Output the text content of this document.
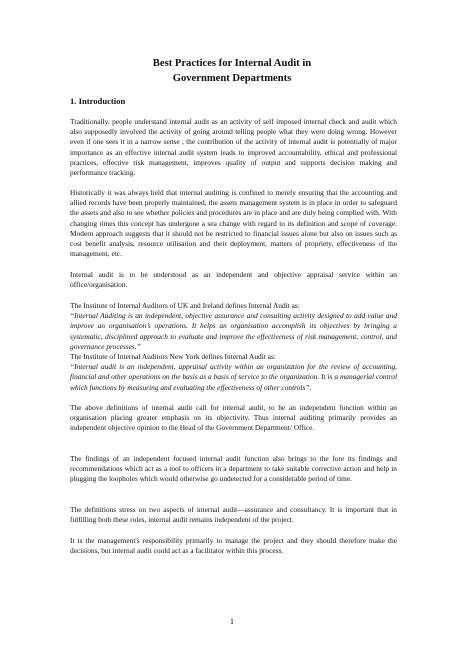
Best Practices for Internal Audit in
Government Departments
1. Introduction
Traditionally, people understand internal audit as an activity of self imposed internal check and audit which also supposedly involved the activity of going around telling people what they were doing wrong. However even if one sees it in a narrow sense , the contribution of the activity of internal audit is potentially of major importance as an effective internal audit system leads to improved accountability, ethical and professional practices, effective risk management, improves quality of output and supports decision making and performance tracking.
Historically it was always held that internal auditing is confined to merely ensuring that the accounting and allied records have been properly maintained, the assets management system is in place in order to safeguard the assets and also to see whether policies and procedures are in place and are duly being complied with. With changing times this concept has undergone a sea change with regard to its definition and scope of coverage. Modern approach suggests that it should not be restricted to financial issues alone but also on issues such as cost benefit analysis, resource utilisation and their deployment, matters of propriety, effectiveness of the management, etc.
Internal audit is to be understood as an independent and objective appraisal service within an office/organisation.
The Institute of Internal Auditors of UK and Ireland defines Internal Audit as:
“Internal Auditing is an independent, objective assurance and consulting activity designed to add value and improve an organisation’s operations. It helps an organisation accomplish its objectives by bringing a systematic, disciplined approach to evaluate and improve the effectiveness of risk management, control, and governance processes.”
The Institute of Internal Auditors New York defines Internal Audit as:
“Internal audit is an independent, appraisal activity within an organization for the review of accounting, financial and other operations on the basis as a basis of service to the organization. It is a managerial control which functions by measuring and evaluating the effectiveness of other controls”.
The above definitions of internal audit call for internal audit, to be an independent function within an organisation placing greater emphasis on its objectivity. Thus internal auditing primarily provides an independent objective opinion to the Head of the Government Department/ Office.
The findings of an independent focused internal audit function also brings to the fore its findings and recommendations which act as a tool to officers in a department to take suitable corrective action and help in plugging the loopholes which would otherwise go undetected for a considerable period of time.
The definitions stress on two aspects of internal audit—assurance and consultancy. It is important that in fulfilling both these roles, internal audit remains independent of the project.
It is the management's responsibility primarily to manage the project and they should therefore make the decisions, but internal audit could act as a facilitator within this process.
1
